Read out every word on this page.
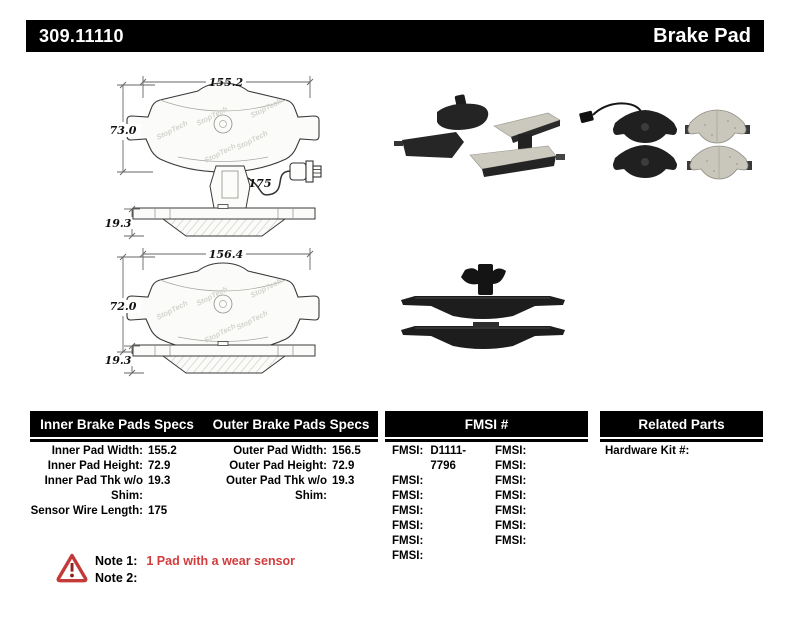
309.11110	Brake Pad
155.2
73.0
175
19.3
156.4
72.0
19.3
Inner Brake Pads Specs	Outer Brake Pads Specs
Inner Pad Width: 155.2
Inner Pad Height: 72.9
Inner Pad Thk w/o Shim:
19.3
Sensor Wire Length: 175
Outer Pad Width: 156.5
Outer Pad Height: 72.9
Outer Pad Thk w/o Shim:
19.3
FMSI #
FMSI: D1111-7796
FMSI:
FMSI:
FMSI:
FMSI:
FMSI:
FMSI:
FMSI:
FMSI:
FMSI:
FMSI:
FMSI:
FMSI:
FMSI:
Related Parts
Hardware Kit #:
Note 1: 1 Pad with a wear sensor
Note 2:
